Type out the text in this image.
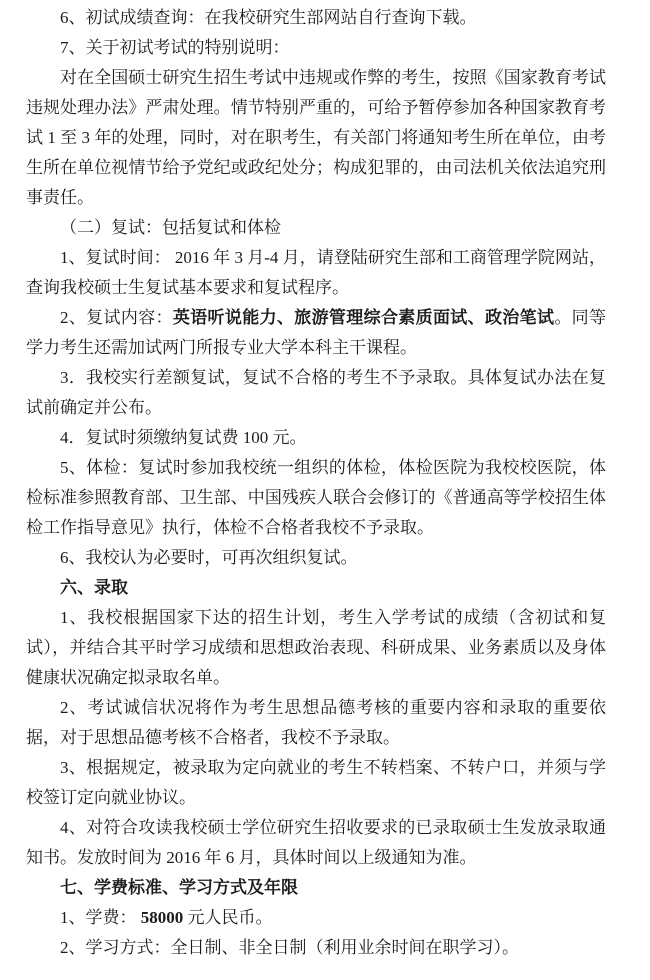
6、初试成绩查询：在我校研究生部网站自行查询下载。

7、关于初试考试的特别说明：

对在全国硕士研究生招生考试中违规或作弊的考生，按照《国家教育考试违规处理办法》严肃处理。情节特别严重的，可给予暂停参加各种国家教育考试 1 至 3 年的处理，同时，对在职考生，有关部门将通知考生所在单位，由考生所在单位视情节给予党纪或政纪处分；构成犯罪的，由司法机关依法追究刑事责任。

（二）复试：包括复试和体检

1、复试时间： 2016 年 3 月-4 月，请登陆研究生部和工商管理学院网站，查询我校硕士生复试基本要求和复试程序。

2、复试内容：英语听说能力、旅游管理综合素质面试、政治笔试。同等学力考生还需加试两门所报专业大学本科主干课程。

3．我校实行差额复试，复试不合格的考生不予录取。具体复试办法在复试前确定并公布。

4．复试时须缴纳复试费 100 元。

5、体检：复试时参加我校统一组织的体检，体检医院为我校校医院，体检标准参照教育部、卫生部、中国残疾人联合会修订的《普通高等学校招生体检工作指导意见》执行，体检不合格者我校不予录取。

6、我校认为必要时，可再次组织复试。

六、录取

1、我校根据国家下达的招生计划，考生入学考试的成绩（含初试和复试），并结合其平时学习成绩和思想政治表现、科研成果、业务素质以及身体健康状况确定拟录取名单。

2、考试诚信状况将作为考生思想品德考核的重要内容和录取的重要依据，对于思想品德考核不合格者，我校不予录取。

3、根据规定，被录取为定向就业的考生不转档案、不转户口，并须与学校签订定向就业协议。

4、对符合攻读我校硕士学位研究生招收要求的已录取硕士生发放录取通知书。发放时间为 2016 年 6 月，具体时间以上级通知为准。

七、学费标准、学习方式及年限

1、学费： 58000 元人民币。

2、学习方式：全日制、非全日制（利用业余时间在职学习）。
